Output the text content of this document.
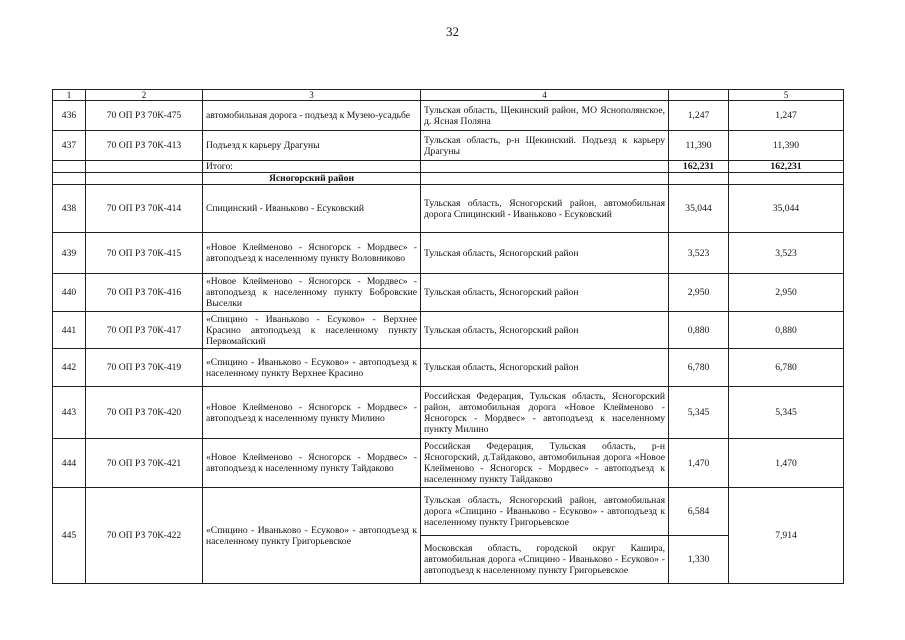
32
1	2	3	4		5
436	70 ОП РЗ 70К-475	автомобильная дорога - подъезд к Музею-усадьбе	Тульская область, Щекинский район, МО Яснополянское, д. Ясная Поляна	1,247	1,247
437	70 ОП РЗ 70К-413	Подъезд к карьеру Драгуны	Тульская область, р-н Щекинский. Подъезд к карьеру Драгуны	11,390	11,390
		Итого:		162,231	162,231
		Ясногорский район			
438	70 ОП РЗ 70К-414	Спицинский - Иваньково - Есуковский	Тульская область, Ясногорский район, автомобильная дорога Спицинский - Иваньково - Есуковский	35,044	35,044
439	70 ОП РЗ 70К-415	«Новое Клейменово - Ясногорск - Мордвес» - автоподъезд к населенному пункту Воловниково	Тульская область, Ясногорский район	3,523	3,523
440	70 ОП РЗ 70К-416	«Новое Клейменово - Ясногорск - Мордвес» - автоподъезд к населенному пункту Бобровские Выселки	Тульская область, Ясногорский район	2,950	2,950
441	70 ОП РЗ 70К-417	«Спицино - Иваньково - Есуково» - Верхнее Красино автоподъезд к населенному пункту Первомайский	Тульская область, Ясногорский район	0,880	0,880
442	70 ОП РЗ 70К-419	«Спицино - Иваньково - Есуково» - автоподъезд к населенному пункту Верхнее Красино	Тульская область, Ясногорский район	6,780	6,780
443	70 ОП РЗ 70К-420	«Новое Клейменово - Ясногорск - Мордвес» - автоподъезд к населенному пункту Милино	Российская Федерация, Тульская область, Ясногорский район, автомобильная дорога «Новое Клейменово - Ясногорск - Мордвес» - автоподъезд к населенному пункту Милино	5,345	5,345
444	70 ОП РЗ 70К-421	«Новое Клейменово - Ясногорск - Мордвес» - автоподъезд к населенному пункту Тайдаково	Российская Федерация, Тульская область, р-н Ясногорский, д.Тайдаково, автомобильная дорога «Новое Клейменово - Ясногорск - Мордвес» - автоподъезд к населенному пункту Тайдаково	1,470	1,470
445	70 ОП РЗ 70К-422	«Спицино - Иваньково - Есуково» - автоподъезд к населенному пункту Григорьевское	Тульская область, Ясногорский район, автомобильная дорога «Спицино - Иваньково - Есуково» - автоподъезд к населенному пункту Григорьевское	6,584	7,914
			Московская область, городской округ Кашира, автомобильная дорога «Спицино - Иваньково - Есуково» - автоподъезд к населенному пункту Григорьевское	1,330	
